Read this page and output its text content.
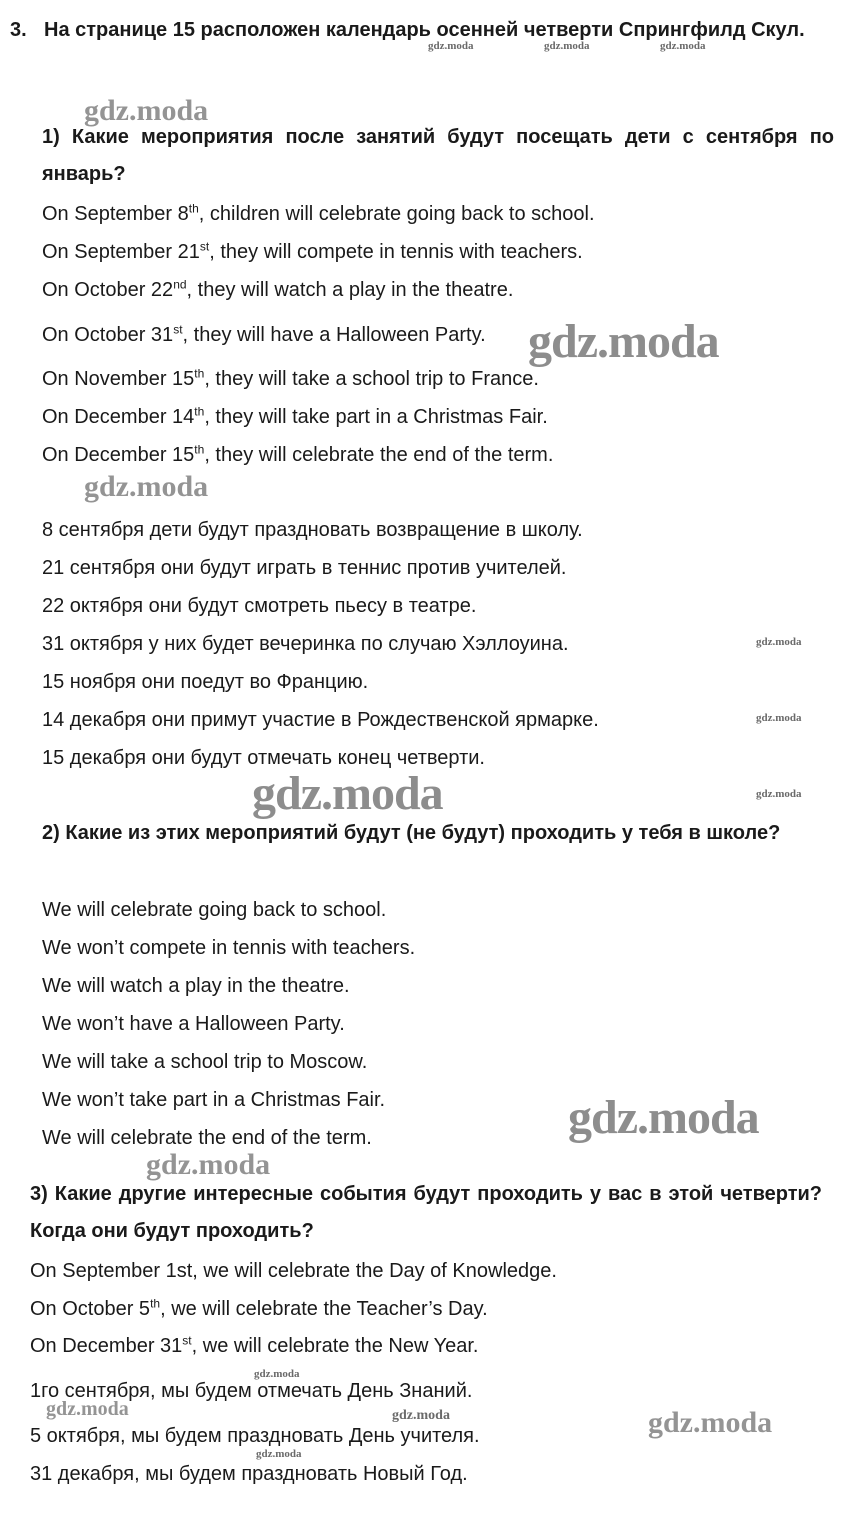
3. На странице 15 расположен календарь осенней четверти Спрингфилд Скул.
1) Какие мероприятия после занятий будут посещать дети с сентября по январь?
On September 8th, children will celebrate going back to school.
On September 21st, they will compete in tennis with teachers.
On October 22nd, they will watch a play in the theatre.
On October 31st, they will have a Halloween Party.
On November 15th, they will take a school trip to France.
On December 14th, they will take part in a Christmas Fair.
On December 15th, they will celebrate the end of the term.
8 сентября дети будут праздновать возвращение в школу.
21 сентября они будут играть в теннис против учителей.
22 октября они будут смотреть пьесу в театре.
31 октября у них будет вечеринка по случаю Хэллоуина.
15 ноября они поедут во Францию.
14 декабря они примут участие в Рождественской ярмарке.
15 декабря они будут отмечать конец четверти.
2) Какие из этих мероприятий будут (не будут) проходить у тебя в школе?
We will celebrate going back to school.
We won’t compete in tennis with teachers.
We will watch a play in the theatre.
We won’t have a Halloween Party.
We will take a school trip to Moscow.
We won’t take part in a Christmas Fair.
We will celebrate the end of the term.
3) Какие другие интересные события будут проходить у вас в этой четверти? Когда они будут проходить?
On September 1st, we will celebrate the Day of Knowledge.
On October 5th, we will celebrate the Teacher’s Day.
On December 31st, we will celebrate the New Year.
1го сентября, мы будем отмечать День Знаний.
5 октября, мы будем праздновать День учителя.
31 декабря, мы будем праздновать Новый Год.
gdz.moda	gdz.moda	gdz.moda
gdz.moda
gdz.moda
gdz.moda
gdz.moda
gdz.moda
gdz.moda	gdz.moda
gdz.moda
gdz.moda
gdz.moda
gdz.moda	gdz.moda	gdz.moda
gdz.moda
